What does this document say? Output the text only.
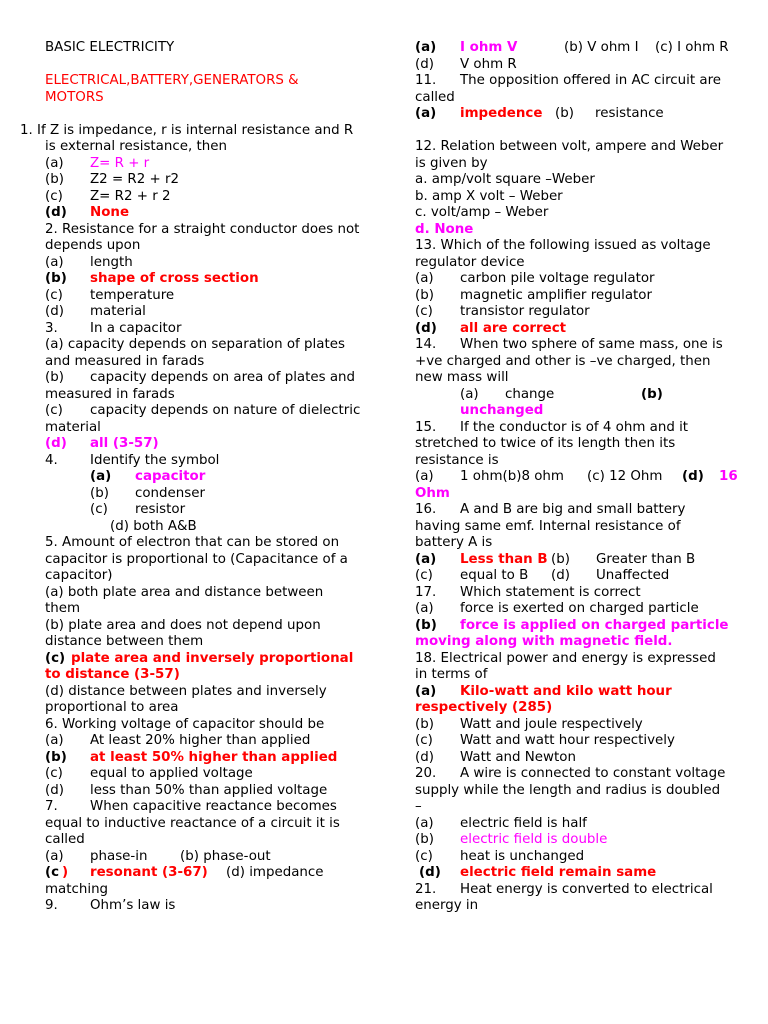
BASIC ELECTRICITY
ELECTRICAL,BATTERY,GENERATORS &
MOTORS
1. If Z is impedance, r is internal resistance and R
is external resistance, then
(a) Z= R + r
(b) Z2 = R2 + r2
(c) Z= R2 + r 2
(d) None
2. Resistance for a straight conductor does not
depends upon
(a) length
(b) shape of cross section
(c) temperature
(d) material
3. In a capacitor
(a) capacity depends on separation of plates
and measured in farads
(b) capacity depends on area of plates and
measured in farads
(c) capacity depends on nature of dielectric
material
(d) all (3-57)
4. Identify the symbol
(a) capacitor
(b) condenser
(c) resistor
(d) both A&B
5. Amount of electron that can be stored on
capacitor is proportional to (Capacitance of a
capacitor)
(a) both plate area and distance between
them
(b) plate area and does not depend upon
distance between them
(c) plate area and inversely proportional
to distance (3-57)
(d) distance between plates and inversely
proportional to area
6. Working voltage of capacitor should be
(a) At least 20% higher than applied
(b) at least 50% higher than applied
(c) equal to applied voltage
(d) less than 50% than applied voltage
7. When capacitive reactance becomes
equal to inductive reactance of a circuit it is
called
(a) phase-in (b) phase-out
(c ) resonant (3-67) (d) impedance
matching
9. Ohm’s law is
(a) I ohm V	(b) V ohm I (c) I ohm R
(d) V ohm R
11. The opposition offered in AC circuit are
called
(a) impedence (b) resistance
12. Relation between volt, ampere and Weber
is given by
a. amp/volt square –Weber
b. amp X volt – Weber
c. volt/amp – Weber
d. None
13. Which of the following issued as voltage
regulator device
(a) carbon pile voltage regulator
(b) magnetic amplifier regulator
(c) transistor regulator
(d) all are correct
14. When two sphere of same mass, one is
+ve charged and other is –ve charged, then
new mass will
(a) change	(b)
unchanged
15. If the conductor is of 4 ohm and it
stretched to twice of its length then its
resistance is
(a) 1 ohm(b)8 ohm (c) 12 Ohm (d) 16
Ohm
16. A and B are big and small battery
having same emf. Internal resistance of
battery A is
(a) Less than B (b) Greater than B
(c) equal to B (d) Unaffected
17. Which statement is correct
(a) force is exerted on charged particle
(b) force is applied on charged particle
moving along with magnetic field.
18. Electrical power and energy is expressed
in terms of
(a) Kilo-watt and kilo watt hour
respectively (285)
(b) Watt and joule respectively
(c) Watt and watt hour respectively
(d) Watt and Newton
20. A wire is connected to constant voltage
supply while the length and radius is doubled
–
(a) electric field is half
(b) electric field is double
(c) heat is unchanged
(d) electric field remain same
21. Heat energy is converted to electrical
energy in
